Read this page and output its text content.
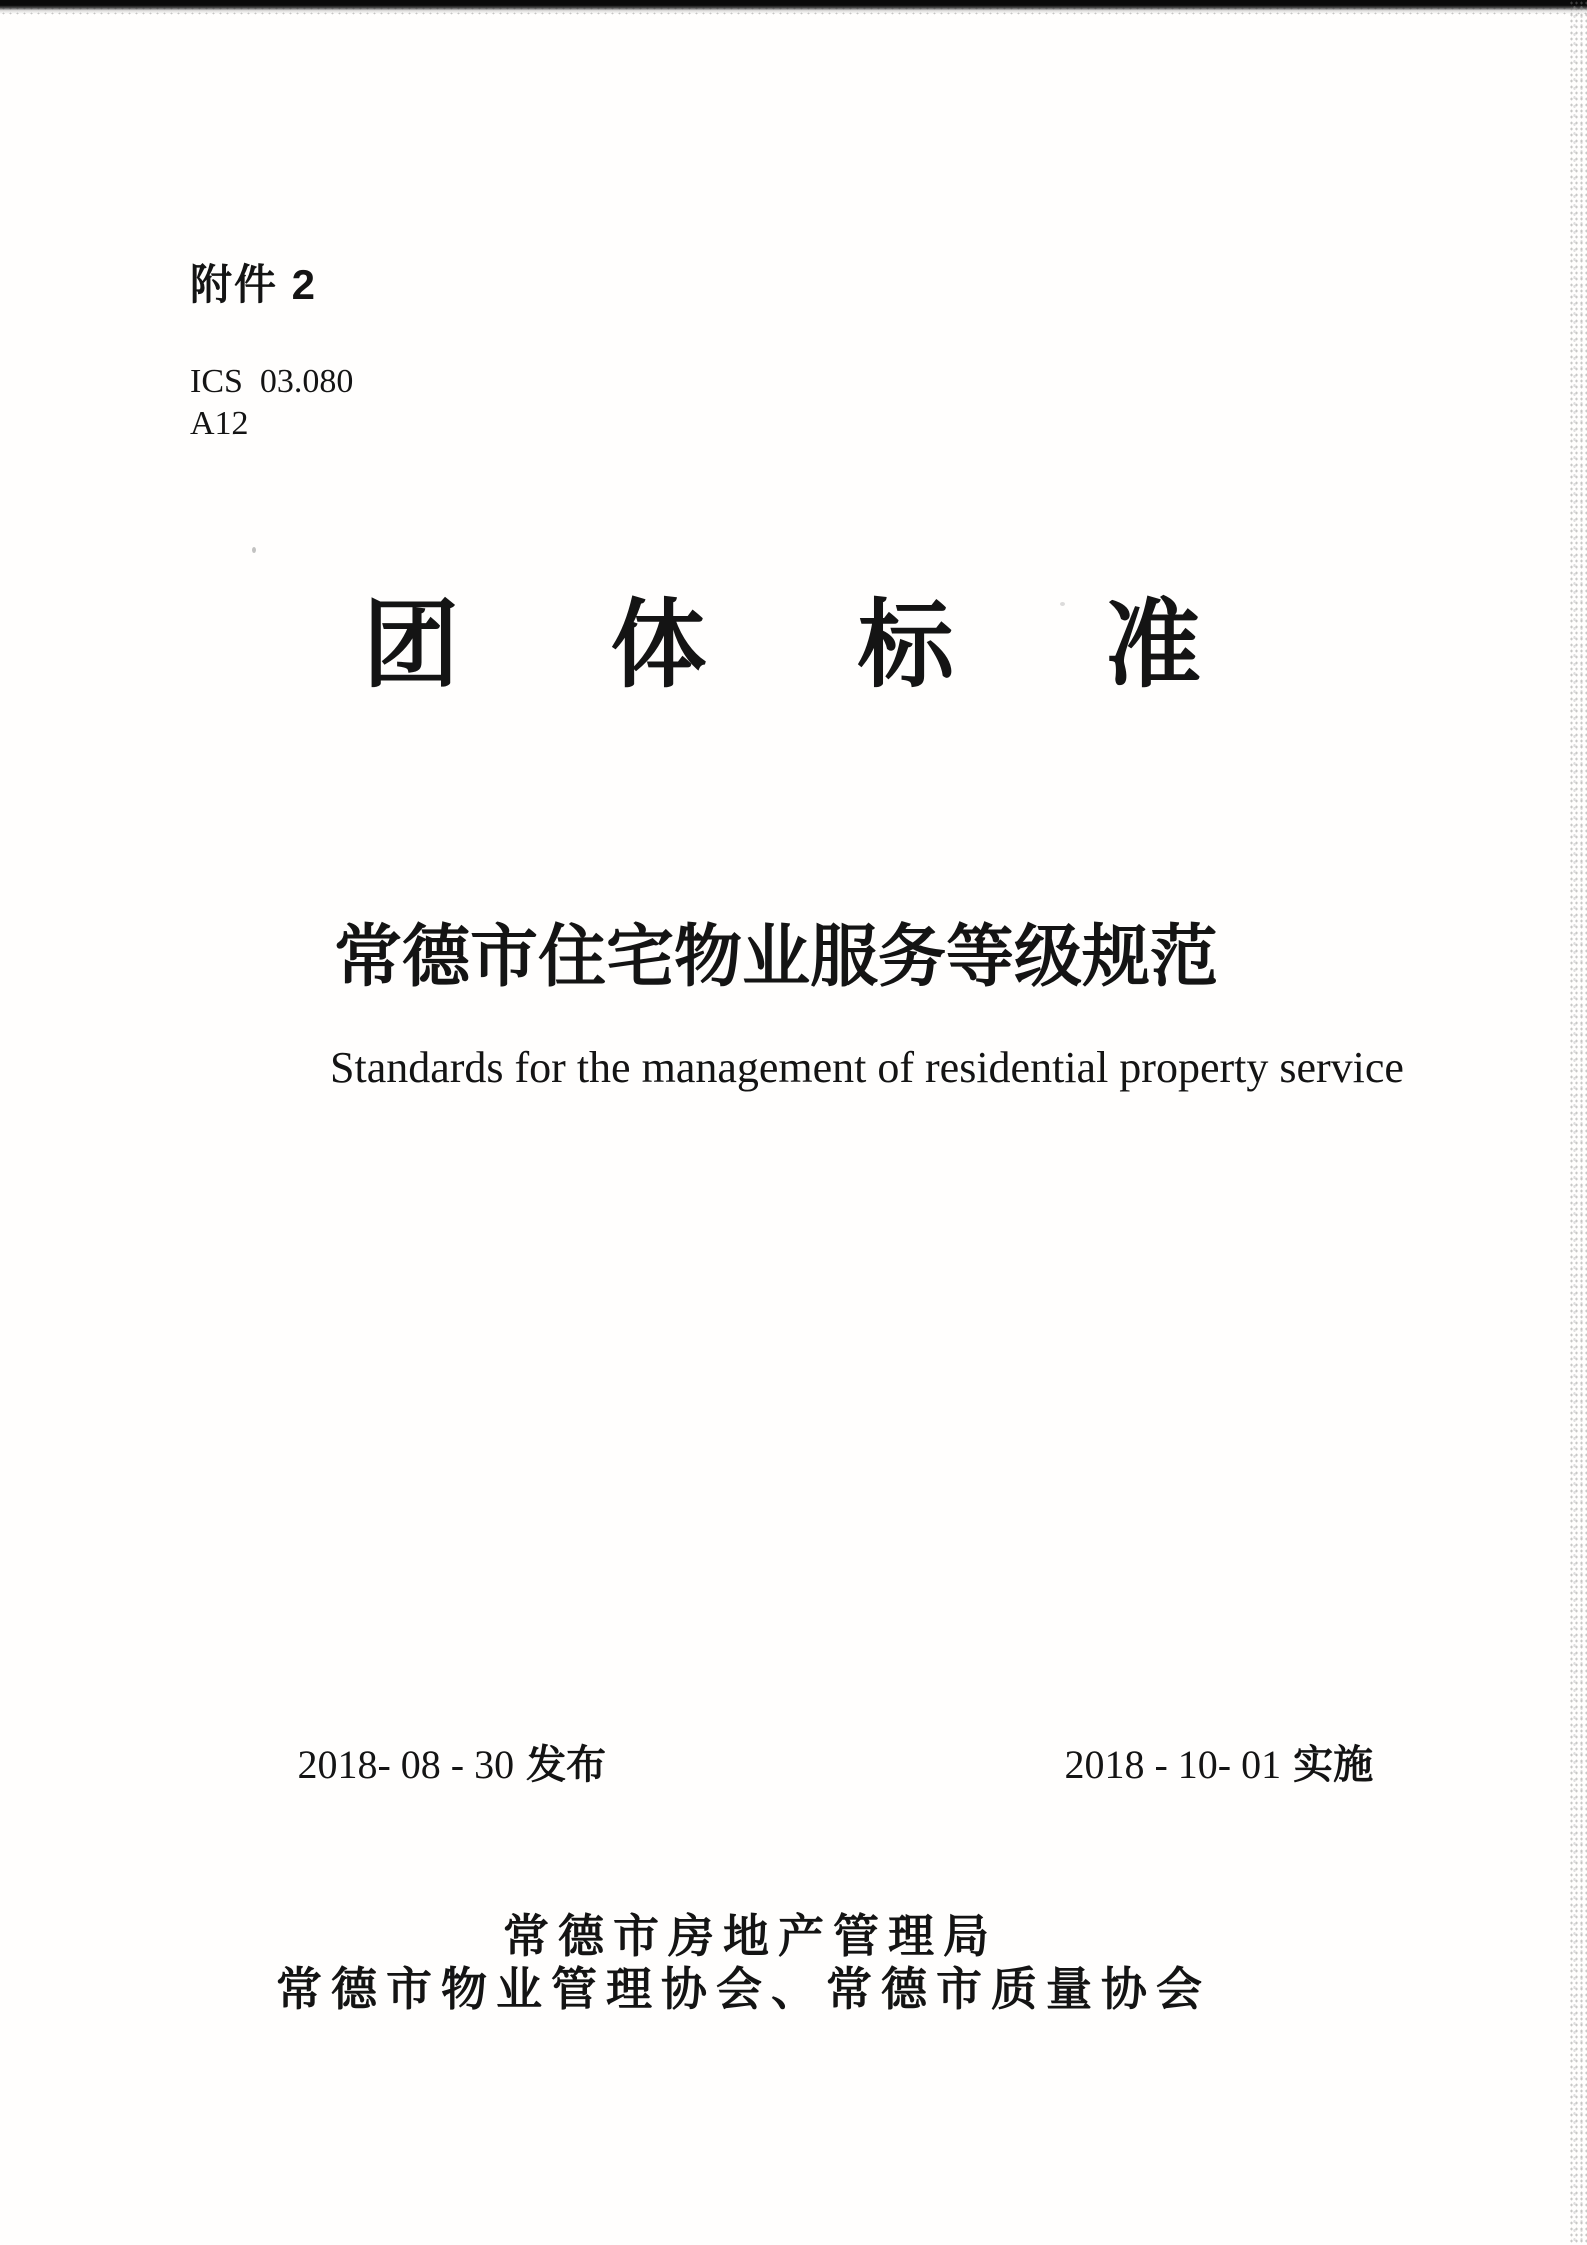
附件 2
ICS  03.080
A12
团 体 标 准
常德市住宅物业服务等级规范
Standards for the management of residential property service

2018- 08 - 30 发布
	2018 - 10- 01 实施

常德市房地产管理局
常德市物业管理协会、常德市质量协会
